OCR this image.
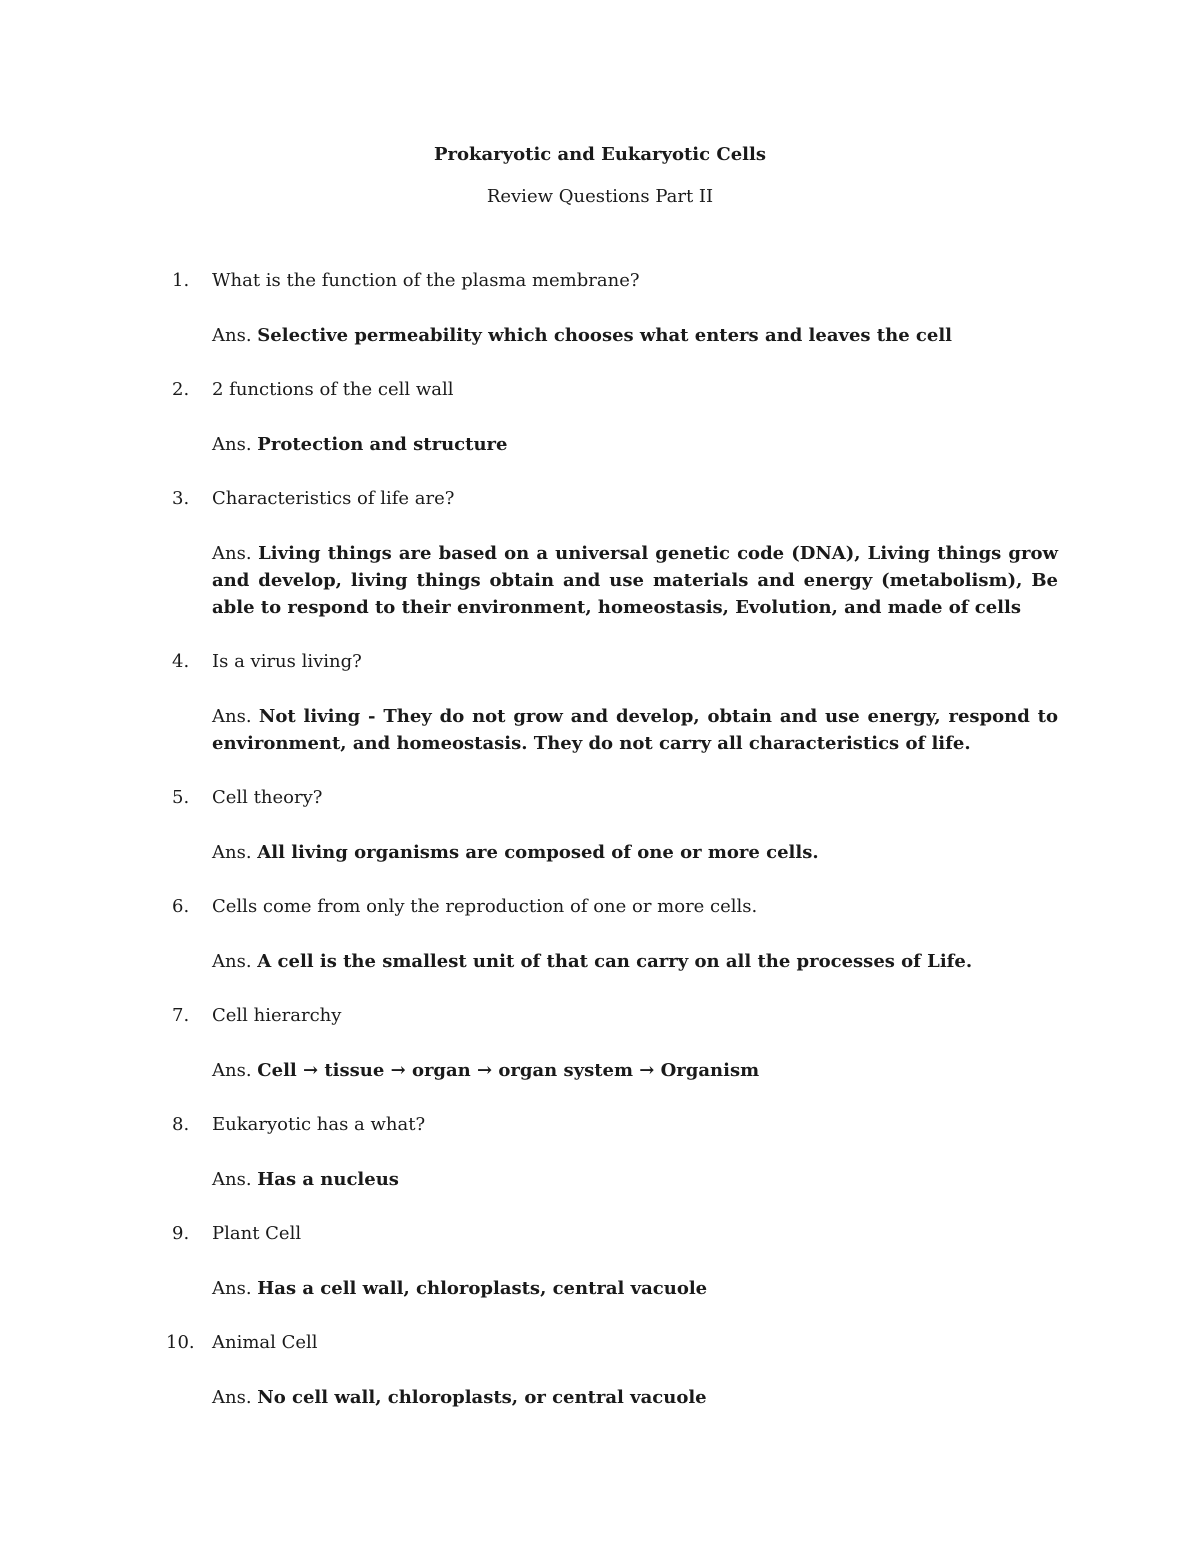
Prokaryotic and Eukaryotic Cells
Review Questions Part II
1. What is the function of the plasma membrane?
Ans. Selective permeability which chooses what enters and leaves the cell
2. 2 functions of the cell wall
Ans. Protection and structure
3. Characteristics of life are?
Ans. Living things are based on a universal genetic code (DNA), Living things grow and develop, living things obtain and use materials and energy (metabolism), Be able to respond to their environment, homeostasis, Evolution, and made of cells
4. Is a virus living?
Ans. Not living - They do not grow and develop, obtain and use energy, respond to environment, and homeostasis. They do not carry all characteristics of life.
5. Cell theory?
Ans. All living organisms are composed of one or more cells.
6. Cells come from only the reproduction of one or more cells.
Ans. A cell is the smallest unit of that can carry on all the processes of Life.
7. Cell hierarchy
Ans. Cell → tissue → organ → organ system → Organism
8. Eukaryotic has a what?
Ans. Has a nucleus
9. Plant Cell
Ans. Has a cell wall, chloroplasts, central vacuole
10. Animal Cell
Ans. No cell wall, chloroplasts, or central vacuole
